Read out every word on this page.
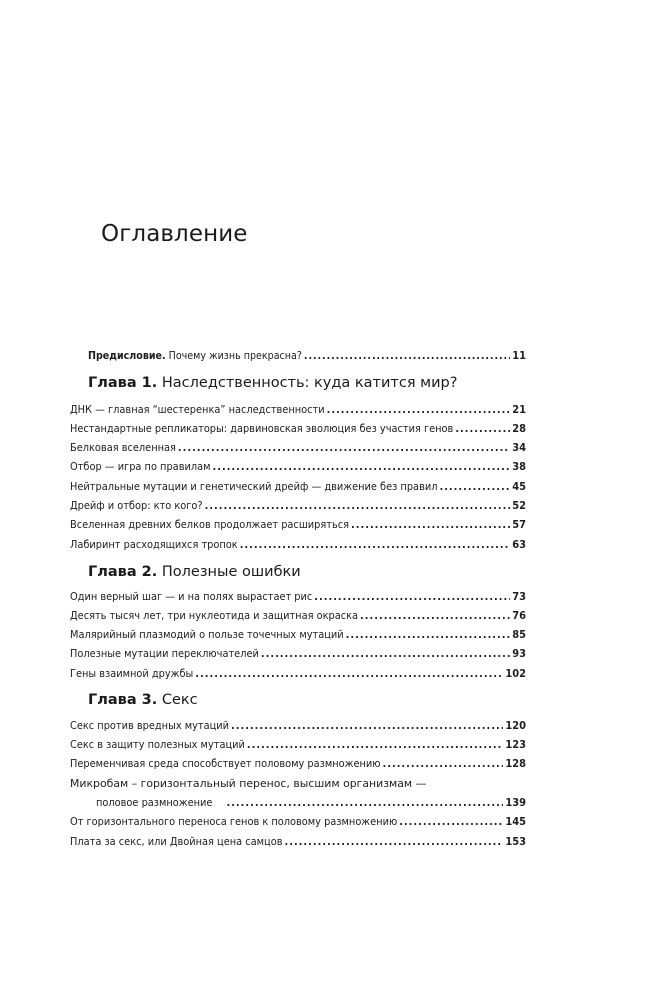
Оглавление
Предисловие. Почему жизнь прекрасна? . . .	11
Глава 1. Наследственность: куда катится мир?
ДНК — главная “шестеренка” наследственности . . .	21
Нестандартные репликаторы: дарвиновская эволюция без участия генов . . .	28
Белковая вселенная . . .	34
Отбор — игра по правилам . . .	38
Нейтральные мутации и генетический дрейф — движение без правил . . .	45
Дрейф и отбор: кто кого? . . .	52
Вселенная древних белков продолжает расширяться . . .	57
Лабиринт расходящихся тропок . . .	63
Глава 2. Полезные ошибки
Один верный шаг — и на полях вырастает рис . . .	73
Десять тысяч лет, три нуклеотида и защитная окраска . . .	76
Малярийный плазмодий о пользе точечных мутаций . . .	85
Полезные мутации переключателей . . .	93
Гены взаимной дружбы . . .	102
Глава 3. Секс
Секс против вредных мутаций . . .	120
Секс в защиту полезных мутаций . . .	123
Переменчивая среда способствует половому размножению . . .	128
Микробам – горизонтальный перенос, высшим организмам —
половое размножение . . .	139
От горизонтального переноса генов к половому размножению . . .	145
Плата за секс, или Двойная цена самцов . . .	153
